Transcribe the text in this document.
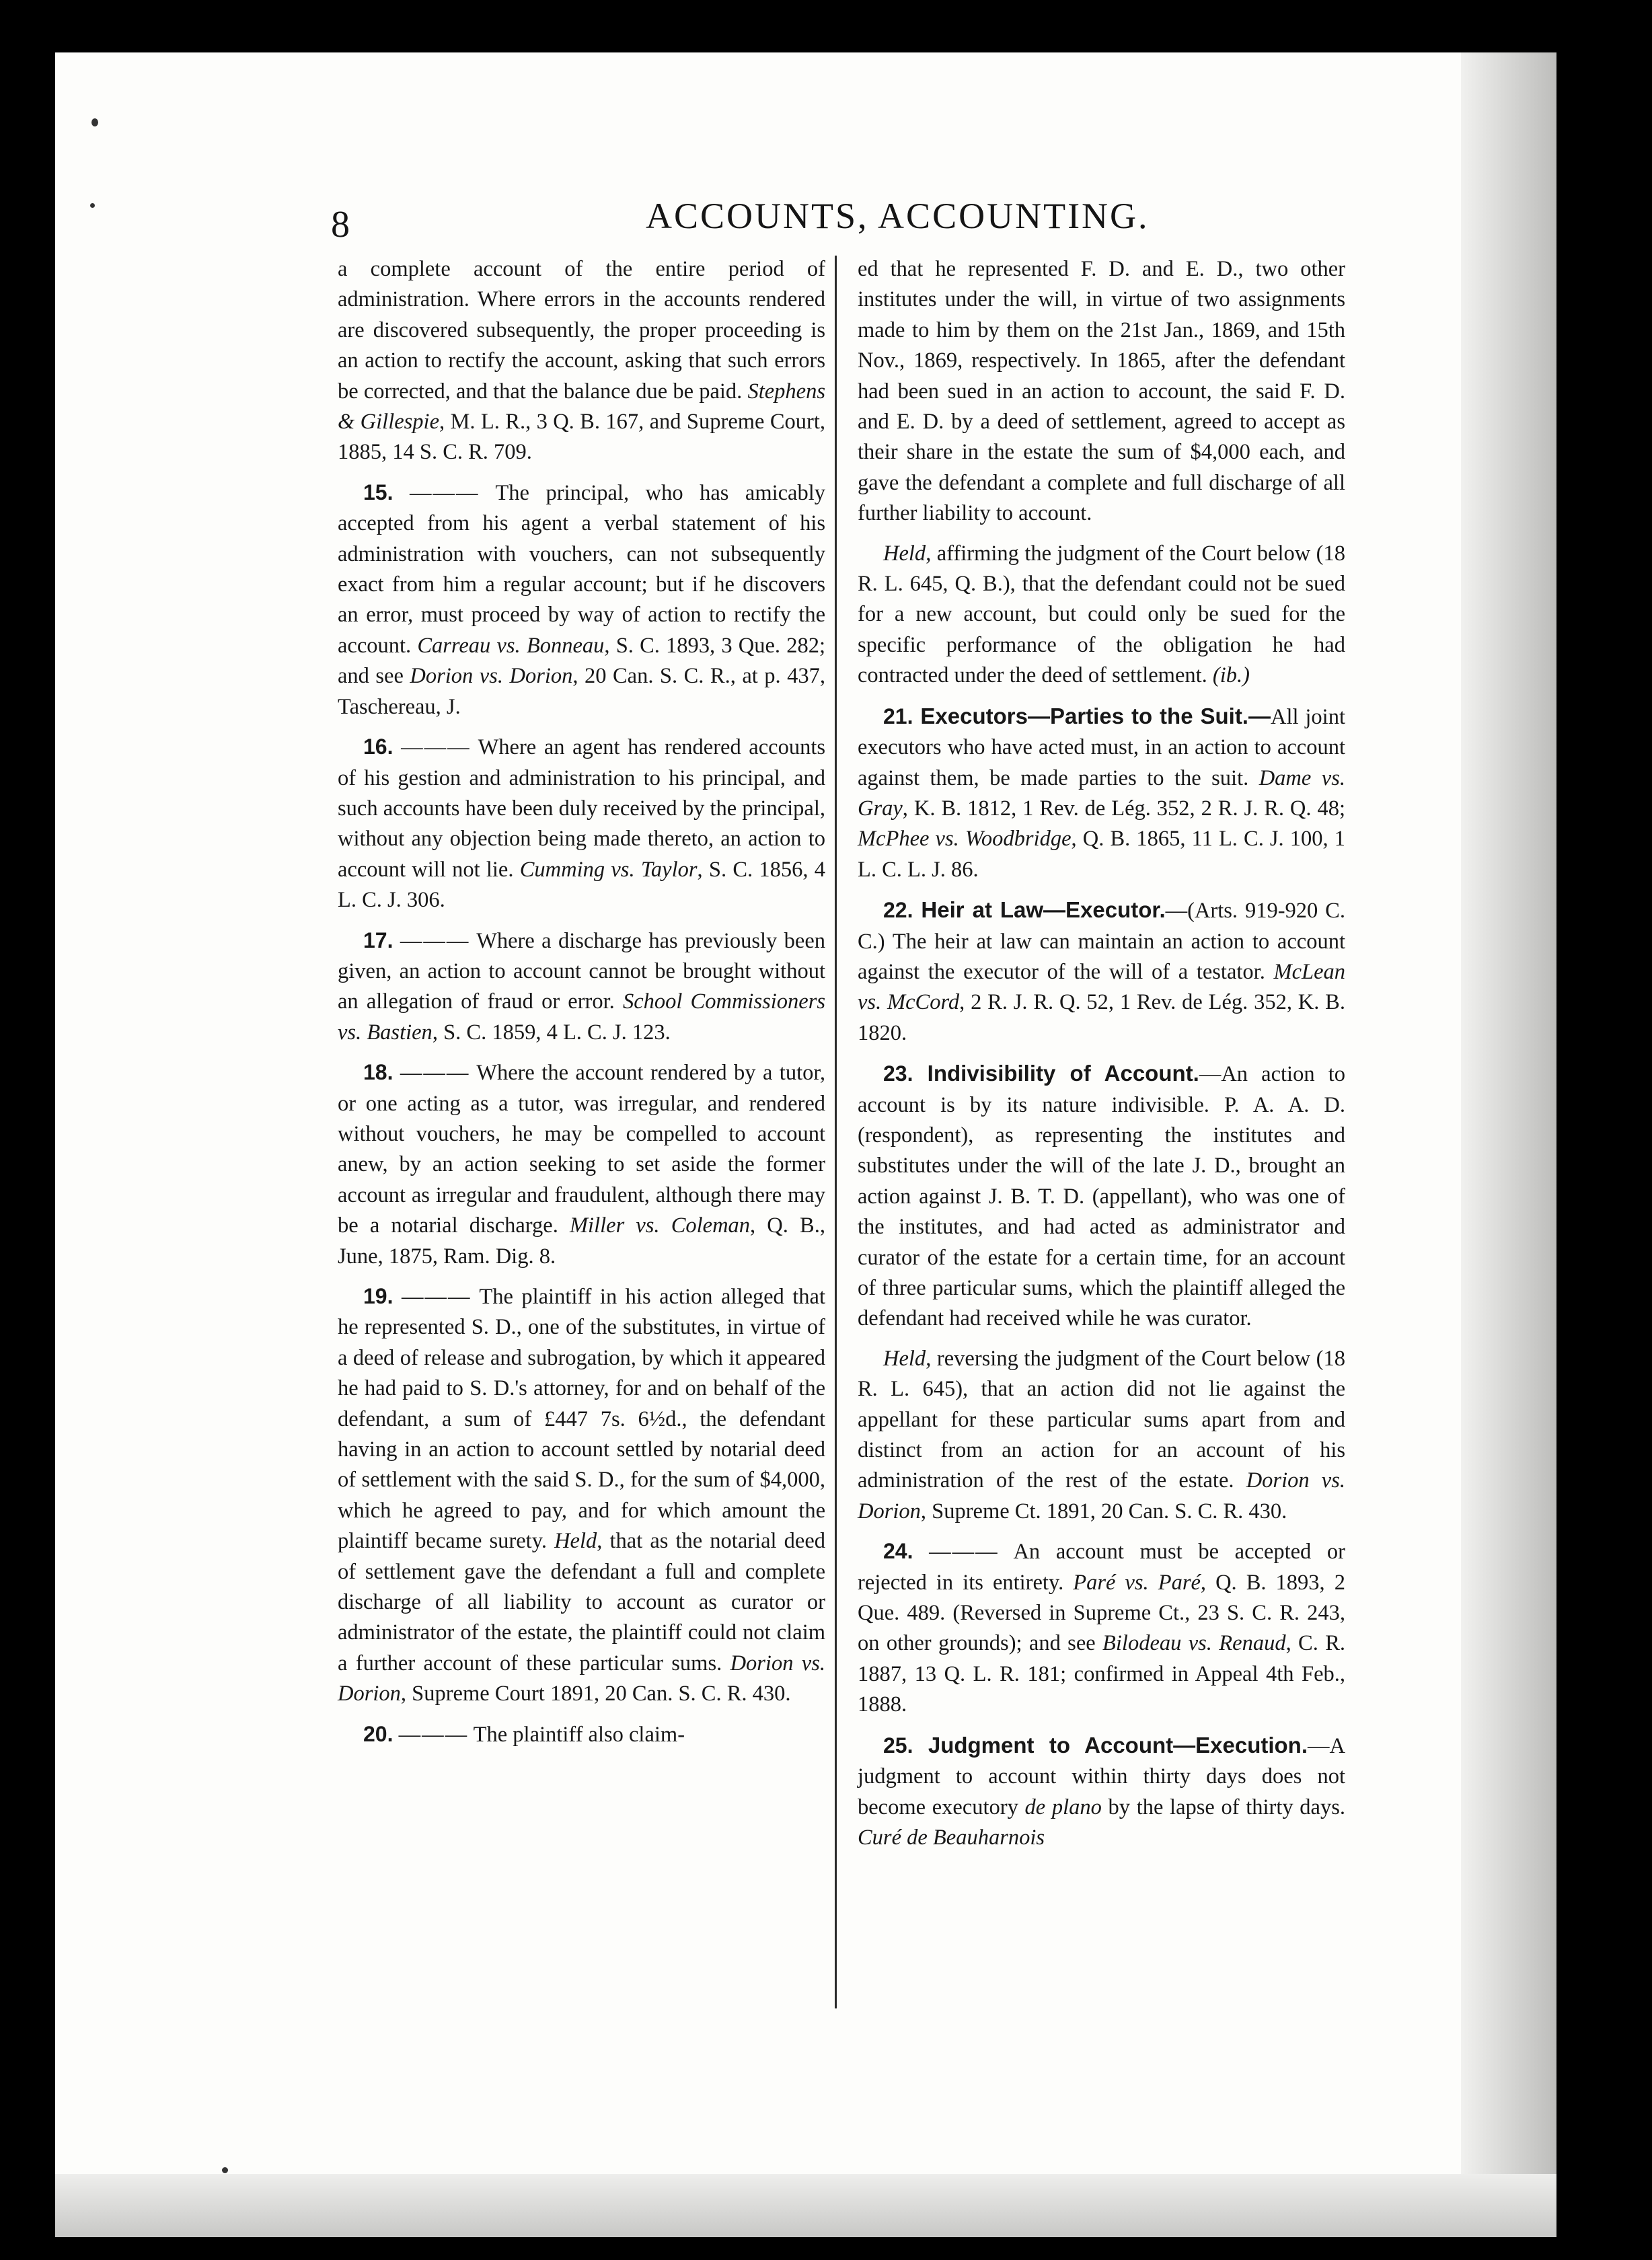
8	ACCOUNTS, ACCOUNTING.

a complete account of the entire period of administration. Where errors in the accounts rendered are discovered subsequently, the proper proceeding is an action to rectify the account, asking that such errors be corrected, and that the balance due be paid. Stephens & Gillespie, M. L. R., 3 Q. B. 167, and Supreme Court, 1885, 14 S. C. R. 709.

15. ——— The principal, who has amicably accepted from his agent a verbal statement of his administration with vouchers, can not subsequently exact from him a regular account; but if he discovers an error, must proceed by way of action to rectify the account. Carreau vs. Bonneau, S. C. 1893, 3 Que. 282; and see Dorion vs. Dorion, 20 Can. S. C. R., at p. 437, Taschereau, J.

16. ——— Where an agent has rendered accounts of his gestion and administration to his principal, and such accounts have been duly received by the principal, without any objection being made thereto, an action to account will not lie. Cumming vs. Taylor, S. C. 1856, 4 L. C. J. 306.

17. ——— Where a discharge has previously been given, an action to account cannot be brought without an allegation of fraud or error. School Commissioners vs. Bastien, S. C. 1859, 4 L. C. J. 123.

18. ——— Where the account rendered by a tutor, or one acting as a tutor, was irregular, and rendered without vouchers, he may be compelled to account anew, by an action seeking to set aside the former account as irregular and fraudulent, although there may be a notarial discharge. Miller vs. Coleman, Q. B., June, 1875, Ram. Dig. 8.

19. ——— The plaintiff in his action alleged that he represented S. D., one of the substitutes, in virtue of a deed of release and subrogation, by which it appeared he had paid to S. D.'s attorney, for and on behalf of the defendant, a sum of £447 7s. 6½d., the defendant having in an action to account settled by notarial deed of settlement with the said S. D., for the sum of $4,000, which he agreed to pay, and for which amount the plaintiff became surety. Held, that as the notarial deed of settlement gave the defendant a full and complete discharge of all liability to account as curator or administrator of the estate, the plaintiff could not claim a further account of these particular sums. Dorion vs. Dorion, Supreme Court 1891, 20 Can. S. C. R. 430.

20. ——— The plaintiff also claim-

ed that he represented F. D. and E. D., two other institutes under the will, in virtue of two assignments made to him by them on the 21st Jan., 1869, and 15th Nov., 1869, respectively. In 1865, after the defendant had been sued in an action to account, the said F. D. and E. D. by a deed of settlement, agreed to accept as their share in the estate the sum of $4,000 each, and gave the defendant a complete and full discharge of all further liability to account.

Held, affirming the judgment of the Court below (18 R. L. 645, Q. B.), that the defendant could not be sued for a new account, but could only be sued for the specific performance of the obligation he had contracted under the deed of settlement. (ib.)

21. Executors—Parties to the Suit.—All joint executors who have acted must, in an action to account against them, be made parties to the suit. Dame vs. Gray, K. B. 1812, 1 Rev. de Lég. 352, 2 R. J. R. Q. 48; McPhee vs. Woodbridge, Q. B. 1865, 11 L. C. J. 100, 1 L. C. L. J. 86.

22. Heir at Law—Executor.—(Arts. 919-920 C. C.) The heir at law can maintain an action to account against the executor of the will of a testator. McLean vs. McCord, 2 R. J. R. Q. 52, 1 Rev. de Lég. 352, K. B. 1820.

23. Indivisibility of Account.—An action to account is by its nature indivisible. P. A. A. D. (respondent), as representing the institutes and substitutes under the will of the late J. D., brought an action against J. B. T. D. (appellant), who was one of the institutes, and had acted as administrator and curator of the estate for a certain time, for an account of three particular sums, which the plaintiff alleged the defendant had received while he was curator.

Held, reversing the judgment of the Court below (18 R. L. 645), that an action did not lie against the appellant for these particular sums apart from and distinct from an action for an account of his administration of the rest of the estate. Dorion vs. Dorion, Supreme Ct. 1891, 20 Can. S. C. R. 430.

24. ——— An account must be accepted or rejected in its entirety. Paré vs. Paré, Q. B. 1893, 2 Que. 489. (Reversed in Supreme Ct., 23 S. C. R. 243, on other grounds); and see Bilodeau vs. Renaud, C. R. 1887, 13 Q. L. R. 181; confirmed in Appeal 4th Feb., 1888.

25. Judgment to Account—Execution.—A judgment to account within thirty days does not become executory de plano by the lapse of thirty days. Curé de Beauharnois
